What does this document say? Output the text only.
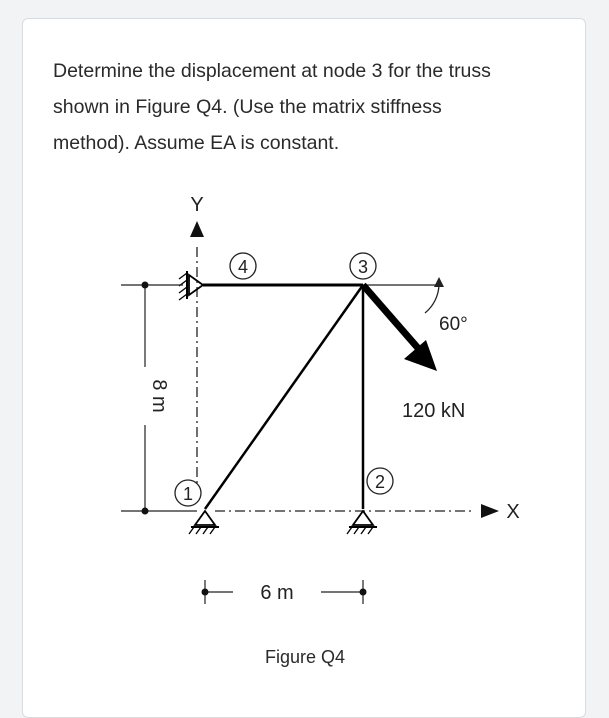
Determine the displacement at node 3 for the truss
shown in Figure Q4. (Use the matrix stiffness
method). Assume EA is constant.

Y
X
4	3
1
2
60°
120 kN
8 m
6 m
Figure Q4
